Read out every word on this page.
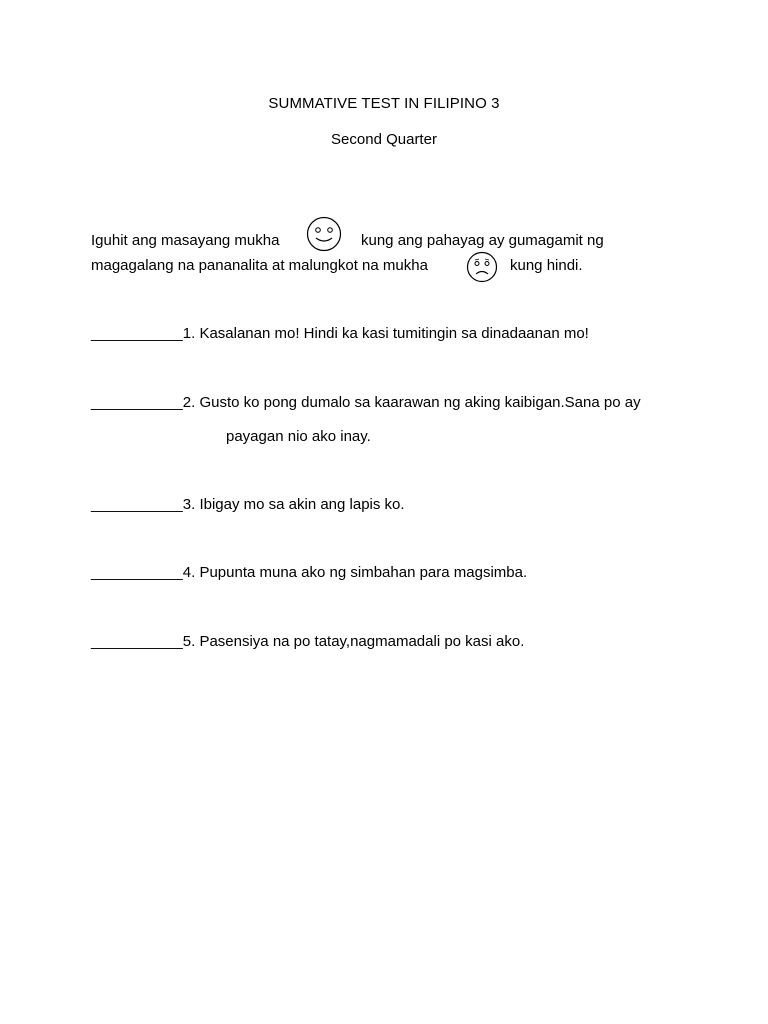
SUMMATIVE TEST IN FILIPINO 3
Second Quarter
Iguhit ang masayang mukha	kung ang pahayag ay gumagamit ng
magagalang na pananalita at malungkot na mukha	kung hindi.
___________1. Kasalanan mo! Hindi ka kasi tumitingin sa dinadaanan mo!
___________2. Gusto ko pong dumalo sa kaarawan ng aking kaibigan.Sana po ay
payagan nio ako inay.
___________3. Ibigay mo sa akin ang lapis ko.
___________4. Pupunta muna ako ng simbahan para magsimba.
___________5. Pasensiya na po tatay,nagmamadali po kasi ako.
